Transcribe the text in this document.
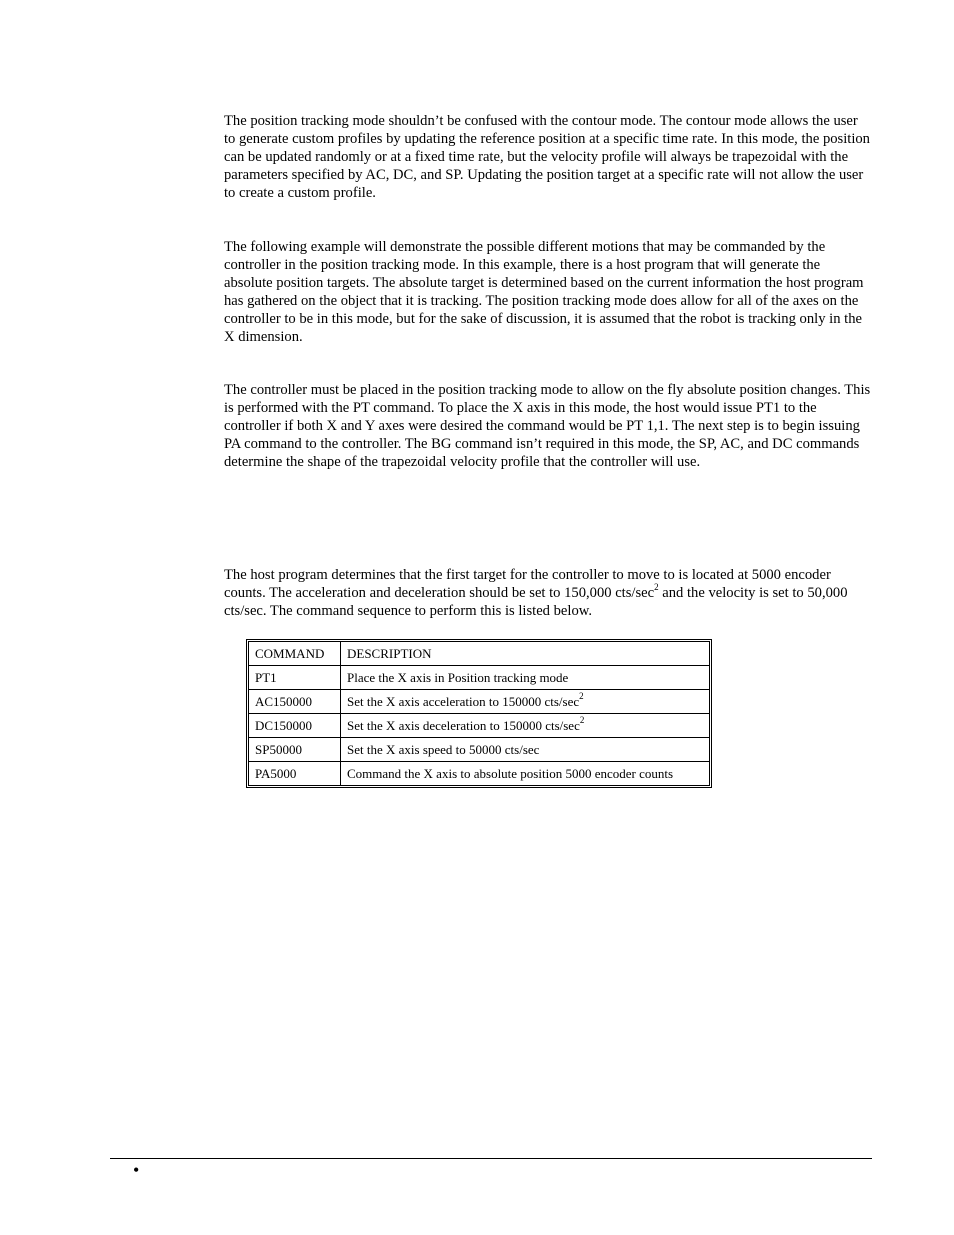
The position tracking mode shouldn’t be confused with the contour mode. The contour mode allows the user to generate custom profiles by updating the reference position at a specific time rate. In this mode, the position can be updated randomly or at a fixed time rate, but the velocity profile will always be trapezoidal with the parameters specified by AC, DC, and SP. Updating the position target at a specific rate will not allow the user to create a custom profile.

The following example will demonstrate the possible different motions that may be commanded by the controller in the position tracking mode. In this example, there is a host program that will generate the absolute position targets. The absolute target is determined based on the current information the host program has gathered on the object that it is tracking. The position tracking mode does allow for all of the axes on the controller to be in this mode, but for the sake of discussion, it is assumed that the robot is tracking only in the X dimension.

The controller must be placed in the position tracking mode to allow on the fly absolute position changes. This is performed with the PT command. To place the X axis in this mode, the host would issue PT1 to the controller if both X and Y axes were desired the command would be PT 1,1. The next step is to begin issuing PA command to the controller. The BG command isn’t required in this mode, the SP, AC, and DC commands determine the shape of the trapezoidal velocity profile that the controller will use.

The host program determines that the first target for the controller to move to is located at 5000 encoder counts. The acceleration and deceleration should be set to 150,000 cts/$\sec^2$ and the velocity is set to 50,000 cts/sec. The command sequence to perform this is listed below.

COMMAND	DESCRIPTION
PT1	Place the X axis in Position tracking mode
AC150000	Set the X axis acceleration to 150000 cts/$\sec^2$
DC150000	Set the X axis deceleration to 150000 cts/$\sec^2$
SP50000	Set the X axis speed to 50000 cts/sec
PA5000	Command the X axis to absolute position 5000 encoder counts
•
